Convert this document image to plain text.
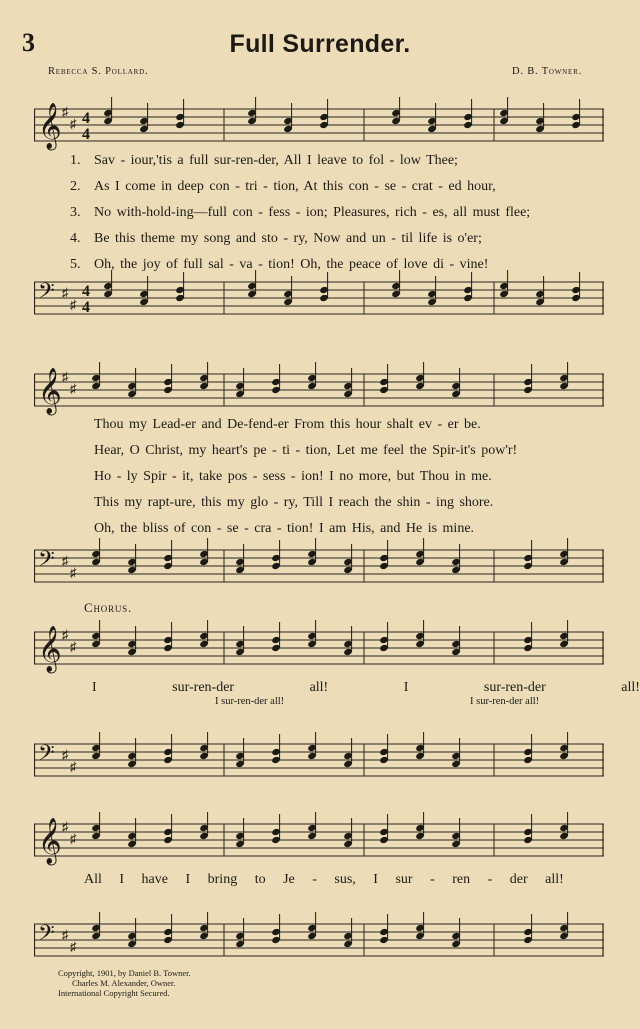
3	Full Surrender.
Rebecca S. Pollard.	D. B. Towner.
𝄞 ♯
♯ 4
4
1. Sav - iour,'tis a full sur-ren-der, All I leave to fol - low Thee;
2. As I come in deep con - tri - tion, At this con - se - crat - ed hour,
3. No with-hold-ing—full con - fess - ion; Pleasures, rich - es, all must flee;
4. Be this theme my song and sto - ry, Now and un - til life is o'er;
5. Oh, the joy of full sal - va - tion! Oh, the peace of love di - vine!
𝄢 ♯
♯
4
4
𝄞 ♯
♯
Thou my Lead-er and De-fend-er From this hour shalt ev - er be.
Hear, O Christ, my heart's pe - ti - tion, Let me feel the Spir-it's pow'r!
Ho - ly Spir - it, take pos - sess - ion! I no more, but Thou in me.
This my rapt-ure, this my glo - ry, Till I reach the shin - ing shore.
Oh, the bliss of con - se - cra - tion! I am His, and He is mine.
𝄢 ♯
♯
Chorus.
𝄞 ♯
♯
I sur-ren-der all! I sur-ren-der all!
I sur-ren-der all!	I sur-ren-der all!
𝄢 ♯
♯
𝄞 ♯
♯
All I have I bring to Je - sus, I sur - ren - der all!
𝄢 ♯
♯
Copyright, 1901, by Daniel B. Towner.
Charles M. Alexander, Owner.
International Copyright Secured.
